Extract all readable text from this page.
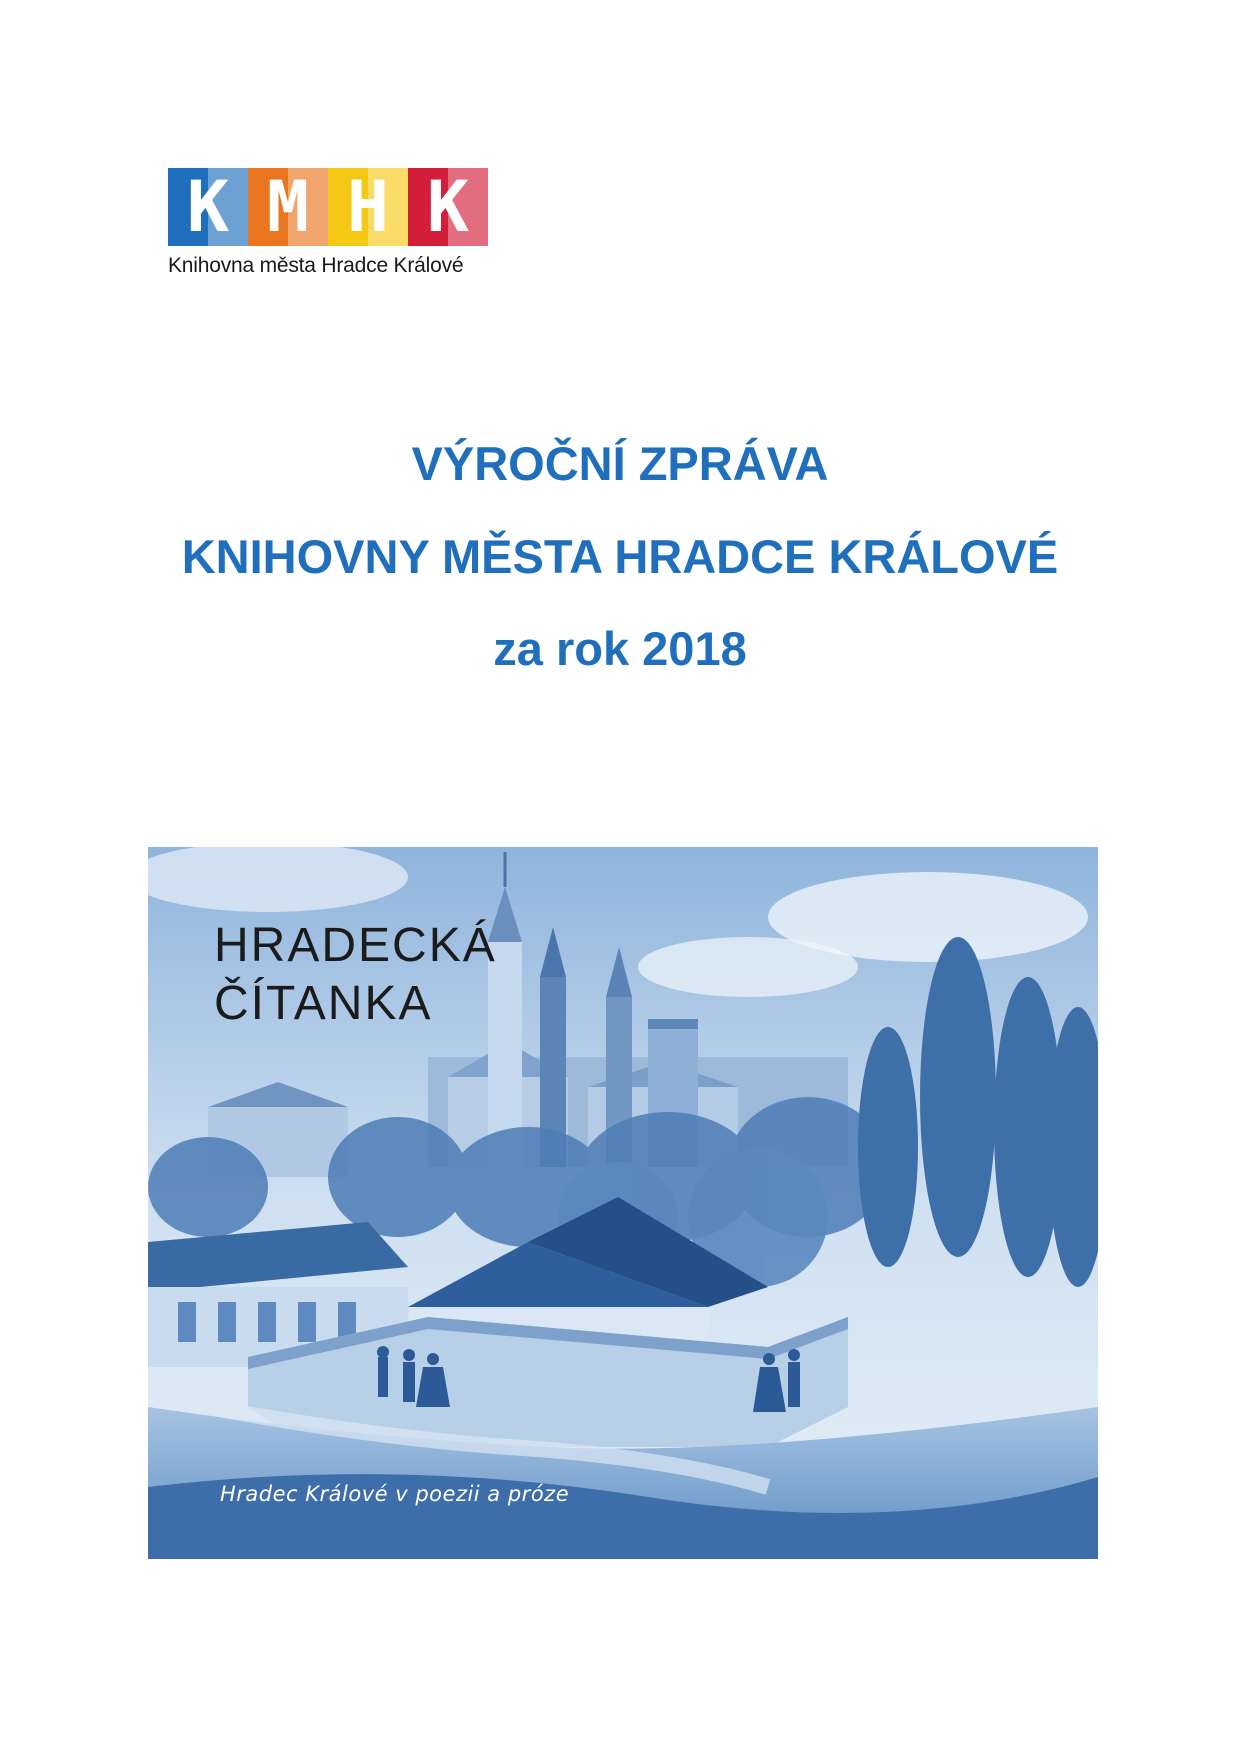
K M H K
Knihovna města Hradce Králové

VÝROČNÍ ZPRÁVA

KNIHOVNY MĚSTA HRADCE KRÁLOVÉ

za rok 2018

HRADECKÁ
ČÍTANKA
Hradec Králové v poezii a próze
